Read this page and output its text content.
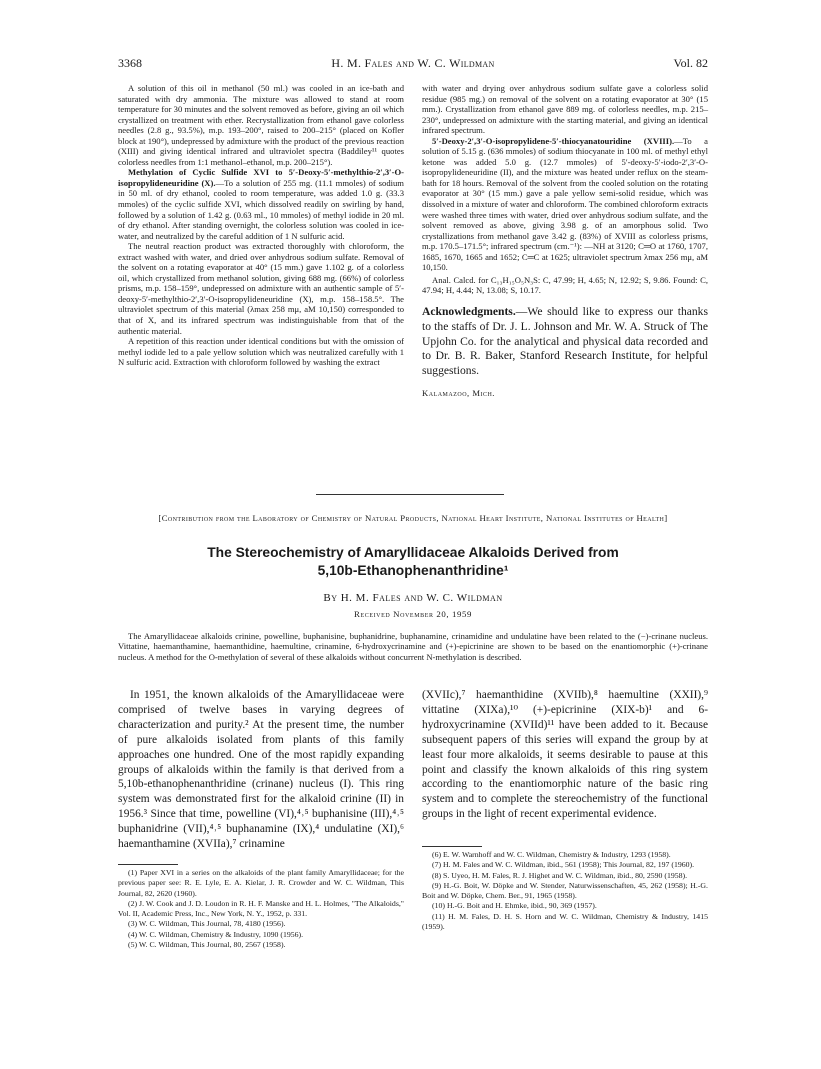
3368	H. M. Fales and W. C. Wildman	Vol. 82

A solution of this oil in methanol (50 ml.) was cooled in an ice-bath and saturated with dry ammonia. The mixture was allowed to stand at room temperature for 30 minutes and the solvent removed as before, giving an oil which crystallized on treatment with ether. Recrystallization from ethanol gave colorless needles (2.8 g., 93.5%), m.p. 193–200°, raised to 200–215° (placed on Kofler block at 190°), undepressed by admixture with the product of the previous reaction (XIII) and giving identical infrared and ultraviolet spectra (Baddiley¹¹ quotes colorless needles from 1:1 methanol–ethanol, m.p. 200–215°).

Methylation of Cyclic Sulfide XVI to 5′-Deoxy-5′-methylthio-2′,3′-O-isopropylideneuridine (X).—To a solution of 255 mg. (11.1 mmoles) of sodium in 50 ml. of dry ethanol, cooled to room temperature, was added 1.0 g. (33.3 mmoles) of the cyclic sulfide XVI, which dissolved readily on swirling by hand, followed by a solution of 1.42 g. (0.63 ml., 10 mmoles) of methyl iodide in 20 ml. of dry ethanol. After standing overnight, the colorless solution was cooled in ice-water, and neutralized by the careful addition of 1 N sulfuric acid.

The neutral reaction product was extracted thoroughly with chloroform, the extract washed with water, and dried over anhydrous sodium sulfate. Removal of the solvent on a rotating evaporator at 40° (15 mm.) gave 1.102 g. of a colorless oil, which crystallized from methanol solution, giving 688 mg. (66%) of colorless prisms, m.p. 158–159°, undepressed on admixture with an authentic sample of 5′-deoxy-5′-methylthio-2′,3′-O-isopropylideneuridine (X), m.p. 158–158.5°. The ultraviolet spectrum of this material (λmax 258 mμ, aM 10,150) corresponded to that of X, and its infrared spectrum was indistinguishable from that of the authentic material.

A repetition of this reaction under identical conditions but with the omission of methyl iodide led to a pale yellow solution which was neutralized carefully with 1 N sulfuric acid. Extraction with chloroform followed by washing the extract

with water and drying over anhydrous sodium sulfate gave a colorless solid residue (985 mg.) on removal of the solvent on a rotating evaporator at 30° (15 mm.). Crystallization from ethanol gave 889 mg. of colorless needles, m.p. 215–230°, undepressed on admixture with the starting material, and giving an identical infrared spectrum.

5′-Deoxy-2′,3′-O-isopropylidene-5′-thiocyanatouridine (XVIII).—To a solution of 5.15 g. (636 mmoles) of sodium thiocyanate in 100 ml. of methyl ethyl ketone was added 5.0 g. (12.7 mmoles) of 5′-deoxy-5′-iodo-2′,3′-O-isopropylideneuridine (II), and the mixture was heated under reflux on the steam-bath for 18 hours. Removal of the solvent from the cooled solution on the rotating evaporator at 30° (15 mm.) gave a pale yellow semi-solid residue, which was dissolved in a mixture of water and chloroform. The combined chloroform extracts were washed three times with water, dried over anhydrous sodium sulfate, and the solvent removed as above, giving 3.98 g. of an amorphous solid. Two crystallizations from methanol gave 3.42 g. (83%) of XVIII as colorless prisms, m.p. 170.5–171.5°; infrared spectrum (cm.⁻¹): —NH at 3120; C═O at 1760, 1707, 1685, 1670, 1665 and 1652; C═C at 1625; ultraviolet spectrum λmax 256 mμ, aM 10,150.

Anal. Calcd. for C₁₃H₁₅O₅N₃S: C, 47.99; H, 4.65; N, 12.92; S, 9.86. Found: C, 47.94; H, 4.44; N, 13.08; S, 10.17.

Acknowledgments.—We should like to express our thanks to the staffs of Dr. J. L. Johnson and Mr. W. A. Struck of The Upjohn Co. for the analytical and physical data recorded and to Dr. B. R. Baker, Stanford Research Institute, for helpful suggestions.

Kalamazoo, Mich.

[Contribution from the Laboratory of Chemistry of Natural Products, National Heart Institute, National Institutes of Health]
The Stereochemistry of Amaryllidaceae Alkaloids Derived from
5,10b-Ethanophenanthridine¹
By H. M. Fales and W. C. Wildman
Received November 20, 1959

The Amaryllidaceae alkaloids crinine, powelline, buphanisine, buphanidrine, buphanamine, crinamidine and undulatine have been related to the (−)-crinane nucleus. Vittatine, haemanthamine, haemanthidine, haemultine, crinamine, 6-hydroxycrinamine and (+)-epicrinine are shown to be based on the enantiomorphic (+)-crinane nucleus. A method for the O-methylation of several of these alkaloids without concurrent N-methylation is described.

In 1951, the known alkaloids of the Amaryllidaceae were comprised of twelve bases in varying degrees of characterization and purity.² At the present time, the number of pure alkaloids isolated from plants of this family approaches one hundred. One of the most rapidly expanding groups of alkaloids within the family is that derived from a 5,10b-ethanophenanthridine (crinane) nucleus (I). This ring system was demonstrated first for the alkaloid crinine (II) in 1956.³ Since that time, powelline (VI),⁴˒⁵ buphanisine (III),⁴˒⁵ buphanidrine (VII),⁴˒⁵ buphanamine (IX),⁴ undulatine (XI),⁶ haemanthamine (XVIIa),⁷ crinamine

(XVIIc),⁷ haemanthidine (XVIIb),⁸ haemultine (XXII),⁹ vittatine (XIXa),¹⁰ (+)-epicrinine (XIX-b)¹ and 6-hydroxycrinamine (XVIId)¹¹ have been added to it. Because subsequent papers of this series will expand the group by at least four more alkaloids, it seems desirable to pause at this point and classify the known alkaloids of this ring system according to the enantiomorphic nature of the basic ring system and to complete the stereochemistry of the functional groups in the light of recent experimental evidence.

(1) Paper XVI in a series on the alkaloids of the plant family Amaryllidaceae; for the previous paper see: R. E. Lyle, E. A. Kielar, J. R. Crowder and W. C. Wildman, This Journal, 82, 2620 (1960).

(2) J. W. Cook and J. D. Loudon in R. H. F. Manske and H. L. Holmes, "The Alkaloids," Vol. II, Academic Press, Inc., New York, N. Y., 1952, p. 331.

(3) W. C. Wildman, This Journal, 78, 4180 (1956).

(4) W. C. Wildman, Chemistry & Industry, 1090 (1956).

(5) W. C. Wildman, This Journal, 80, 2567 (1958).

(6) E. W. Warnhoff and W. C. Wildman, Chemistry & Industry, 1293 (1958).

(7) H. M. Fales and W. C. Wildman, ibid., 561 (1958); This Journal, 82, 197 (1960).

(8) S. Uyeo, H. M. Fales, R. J. Highet and W. C. Wildman, ibid., 80, 2590 (1958).

(9) H.-G. Boit, W. Döpke and W. Stender, Naturwissenschaften, 45, 262 (1958); H.-G. Boit and W. Döpke, Chem. Ber., 91, 1965 (1958).

(10) H.-G. Boit and H. Ehmke, ibid., 90, 369 (1957).

(11) H. M. Fales, D. H. S. Horn and W. C. Wildman, Chemistry & Industry, 1415 (1959).
